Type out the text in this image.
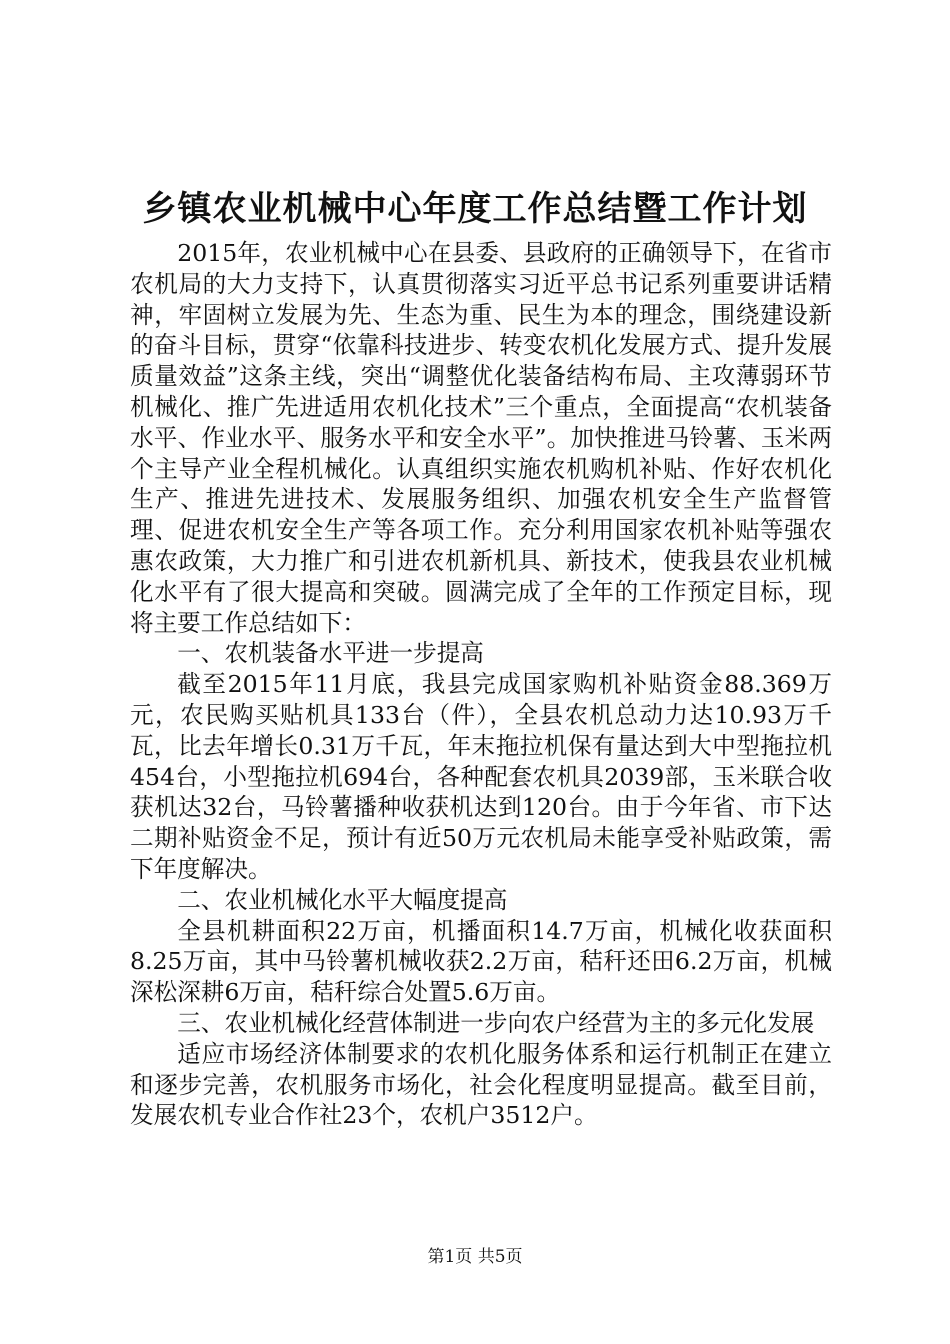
乡镇农业机械中心年度工作总结暨工作计划

2015年，农业机械中心在县委、县政府的正确领导下，在省市农机局的大力支持下，认真贯彻落实习近平总书记系列重要讲话精神，牢固树立发展为先、生态为重、民生为本的理念，围绕建设新的奋斗目标，贯穿“依靠科技进步、转变农机化发展方式、提升发展质量效益”这条主线，突出“调整优化装备结构布局、主攻薄弱环节机械化、推广先进适用农机化技术”三个重点，全面提高“农机装备水平、作业水平、服务水平和安全水平”。加快推进马铃薯、玉米两个主导产业全程机械化。认真组织实施农机购机补贴、作好农机化生产、推进先进技术、发展服务组织、加强农机安全生产监督管理、促进农机安全生产等各项工作。充分利用国家农机补贴等强农惠农政策，大力推广和引进农机新机具、新技术，使我县农业机械化水平有了很大提高和突破。圆满完成了全年的工作预定目标，现将主要工作总结如下：

一、农机装备水平进一步提高

截至2015年11月底，我县完成国家购机补贴资金88.369万元，农民购买贴机具133台（件），全县农机总动力达10.93万千瓦，比去年增长0.31万千瓦，年末拖拉机保有量达到大中型拖拉机454台，小型拖拉机694台，各种配套农机具2039部，玉米联合收获机达32台，马铃薯播种收获机达到120台。由于今年省、市下达二期补贴资金不足，预计有近50万元农机局未能享受补贴政策，需下年度解决。

二、农业机械化水平大幅度提高

全县机耕面积22万亩，机播面积14.7万亩，机械化收获面积8.25万亩，其中马铃薯机械收获2.2万亩，秸秆还田6.2万亩，机械深松深耕6万亩，秸秆综合处置5.6万亩。

三、农业机械化经营体制进一步向农户经营为主的多元化发展

适应市场经济体制要求的农机化服务体系和运行机制正在建立和逐步完善，农机服务市场化，社会化程度明显提高。截至目前，发展农机专业合作社23个，农机户3512户。

第1页 共5页
